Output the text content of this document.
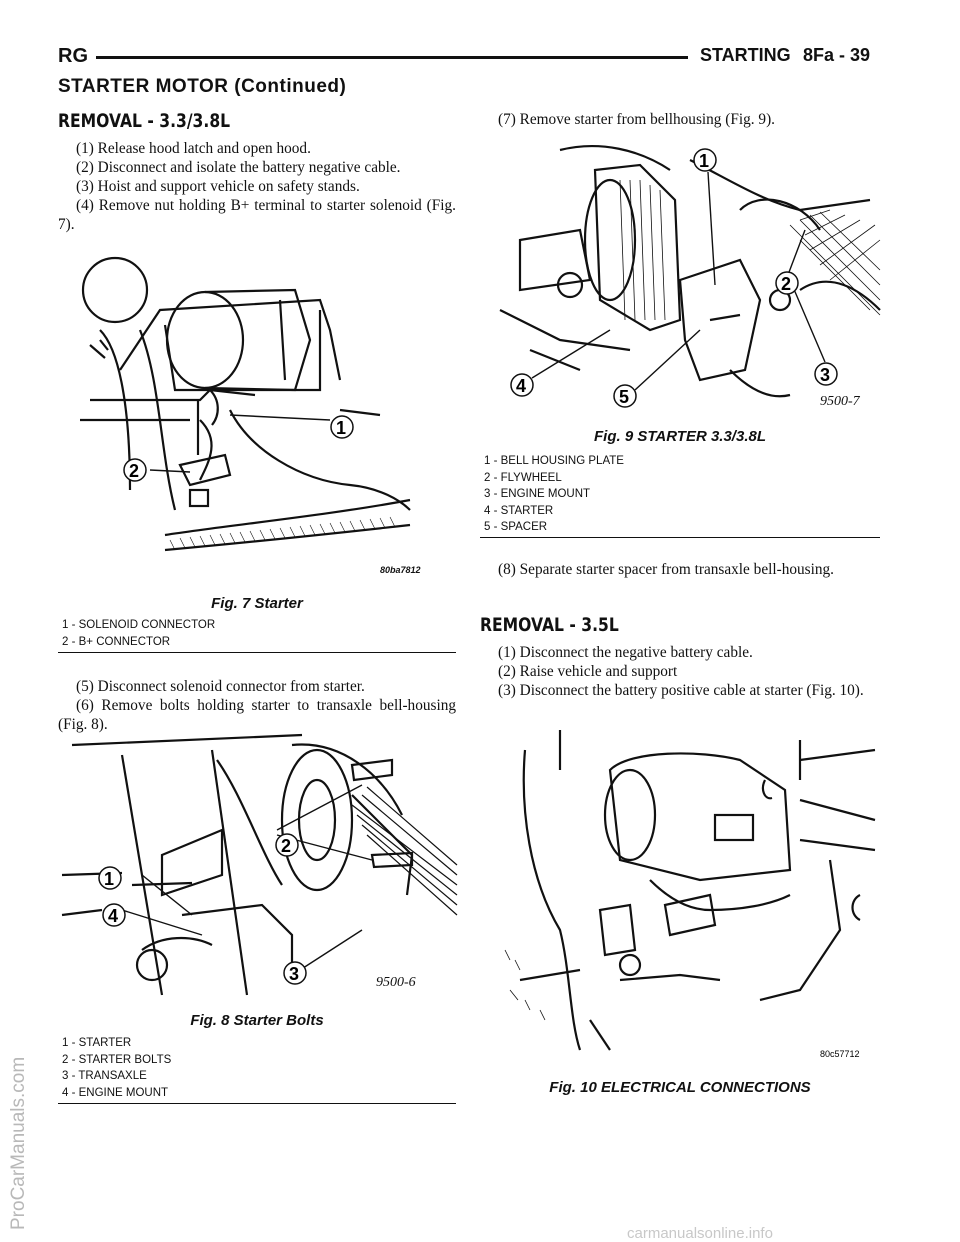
RG	STARTING 8Fa - 39
STARTER MOTOR (Continued)
REMOVAL - 3.3/3.8L

(1) Release hood latch and open hood.

(2) Disconnect and isolate the battery negative cable.

(3) Hoist and support vehicle on safety stands.

(4) Remove nut holding B+ terminal to starter solenoid (Fig. 7).

1
2
80ba7812
Fig. 7 Starter
1 - SOLENOID CONNECTOR
2 - B+ CONNECTOR

(5) Disconnect solenoid connector from starter.

(6) Remove bolts holding starter to transaxle bell-housing (Fig. 8).

1
2
3
4
9500-6
Fig. 8 Starter Bolts
1 - STARTER
2 - STARTER BOLTS
3 - TRANSAXLE
4 - ENGINE MOUNT

(7) Remove starter from bellhousing (Fig. 9).

1
2
3
4
5	9500-7
Fig. 9 STARTER 3.3/3.8L
1 - BELL HOUSING PLATE
2 - FLYWHEEL
3 - ENGINE MOUNT
4 - STARTER
5 - SPACER

(8) Separate starter spacer from transaxle bell-housing.

REMOVAL - 3.5L

(1) Disconnect the negative battery cable.

(2) Raise vehicle and support

(3) Disconnect the battery positive cable at starter (Fig. 10).

80c57712
Fig. 10 ELECTRICAL CONNECTIONS
ProCarManuals.com
carmanualsonline.info
